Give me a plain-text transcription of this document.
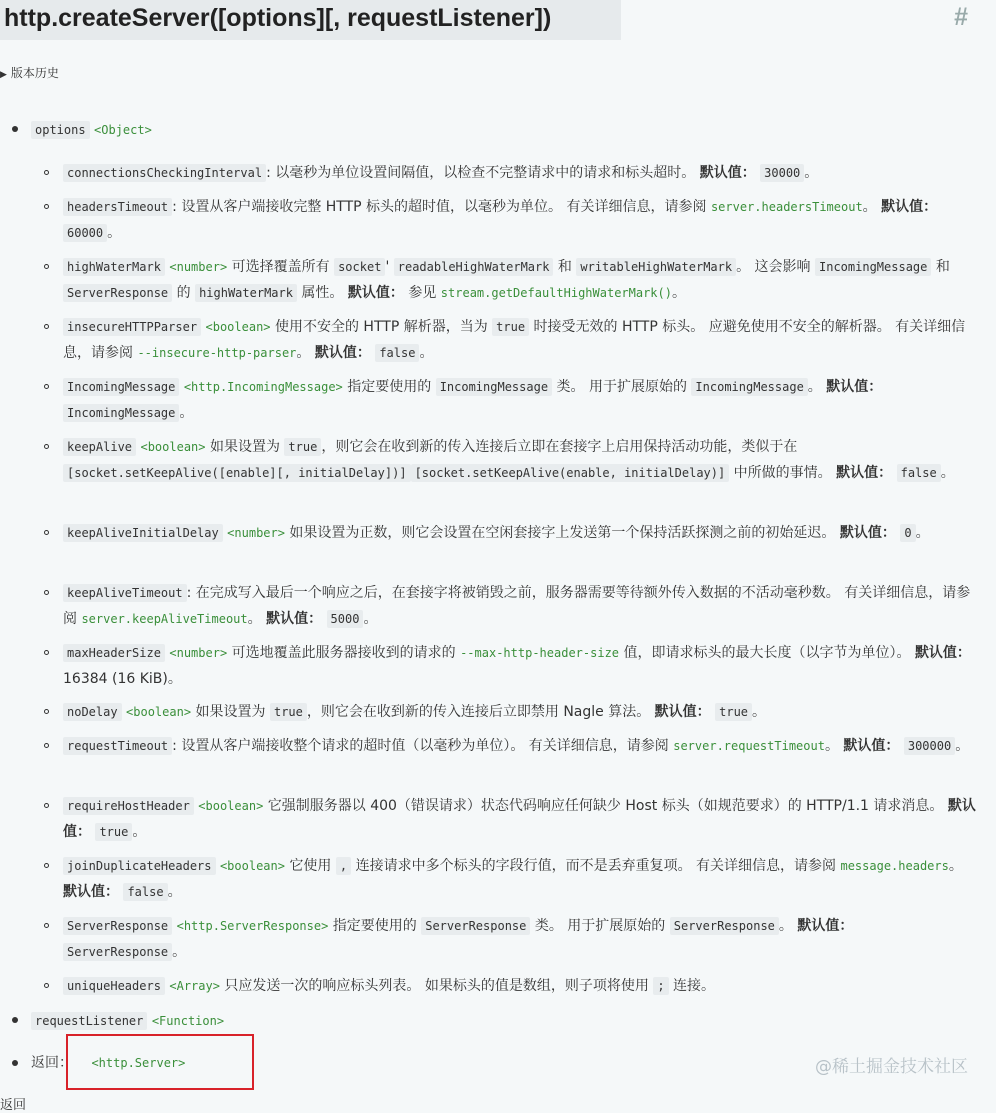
http.createServer([options][, requestListener])	#
▶ 版本历史
options <Object>
connectionsCheckingInterval : 以毫秒为单位设置间隔值，以检查不完整请求中的请求和标头超时。 默认值： 30000 。
headersTimeout : 设置从客户端接收完整 HTTP 标头的超时值，以毫秒为单位。 有关详细信息，请参阅 server.headersTimeout。 默认值： 60000 。
highWaterMark <number> 可选择覆盖所有 socket ' readableHighWaterMark 和 writableHighWaterMark 。 这会影响 IncomingMessage 和 ServerResponse 的 highWaterMark 属性。 默认值： 参见 stream.getDefaultHighWaterMark()。
insecureHTTPParser <boolean> 使用不安全的 HTTP 解析器，当为 true 时接受无效的 HTTP 标头。 应避免使用不安全的解析器。 有关详细信息，请参阅 --insecure-http-parser。 默认值： false 。
IncomingMessage <http.IncomingMessage> 指定要使用的 IncomingMessage 类。 用于扩展原始的 IncomingMessage 。 默认值： IncomingMessage 。
keepAlive <boolean> 如果设置为 true ，则它会在收到新的传入连接后立即在套接字上启用保持活动功能，类似于在 [socket.setKeepAlive([enable][, initialDelay])] [socket.setKeepAlive(enable, initialDelay)] 中所做的事情。 默认值： false 。
keepAliveInitialDelay <number> 如果设置为正数，则它会设置在空闲套接字上发送第一个保持活跃探测之前的初始延迟。 默认值： 0 。
keepAliveTimeout : 在完成写入最后一个响应之后，在套接字将被销毁之前，服务器需要等待额外传入数据的不活动毫秒数。 有关详细信息，请参阅 server.keepAliveTimeout。 默认值： 5000 。
maxHeaderSize <number> 可选地覆盖此服务器接收到的请求的 --max-http-header-size 值，即请求标头的最大长度（以字节为单位）。 默认值： 16384 (16 KiB)。
noDelay <boolean> 如果设置为 true ，则它会在收到新的传入连接后立即禁用 Nagle 算法。 默认值： true 。
requestTimeout : 设置从客户端接收整个请求的超时值（以毫秒为单位）。 有关详细信息，请参阅 server.requestTimeout。 默认值： 300000 。
requireHostHeader <boolean> 它强制服务器以 400（错误请求）状态代码响应任何缺少 Host 标头（如规范要求）的 HTTP/1.1 请求消息。 默认值： true 。
joinDuplicateHeaders <boolean> 它使用 , 连接请求中多个标头的字段行值，而不是丢弃重复项。 有关详细信息，请参阅 message.headers。 默认值： false 。
ServerResponse <http.ServerResponse> 指定要使用的 ServerResponse 类。 用于扩展原始的 ServerResponse 。 默认值： ServerResponse 。
uniqueHeaders <Array> 只应发送一次的响应标头列表。 如果标头的值是数组，则子项将使用 ; 连接。
requestListener <Function>
返回： <http.Server>	@稀土掘金技术社区
返回
